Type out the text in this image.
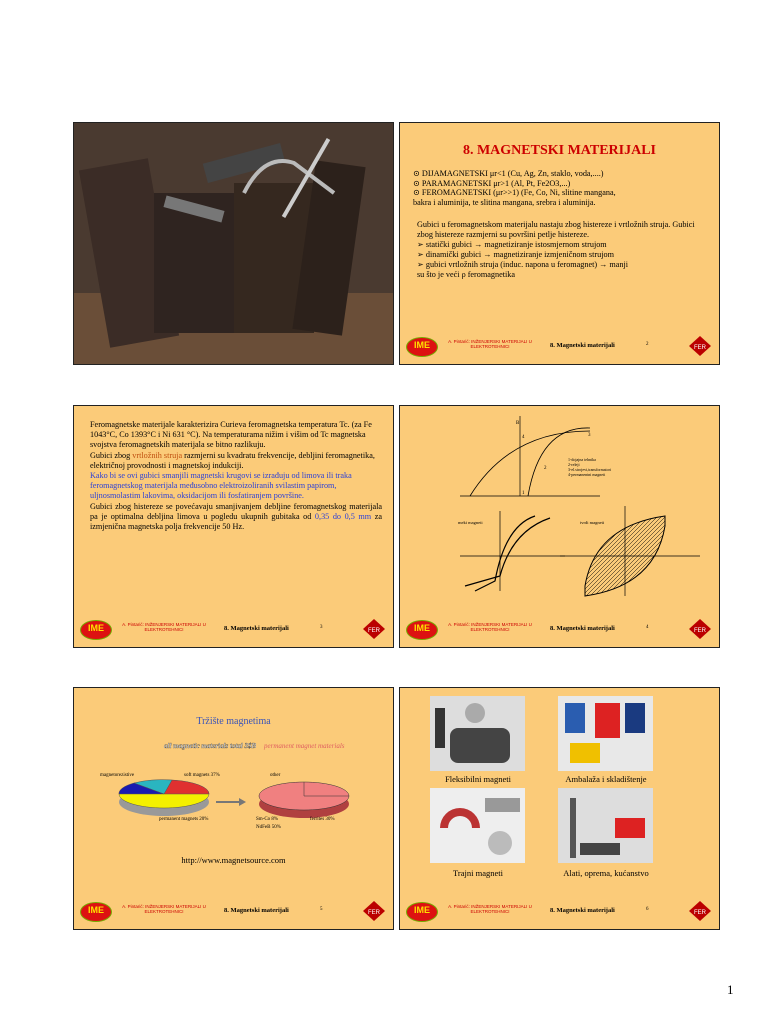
8. MAGNETSKI MATERIJALI
⊙ DIJAMAGNETSKI μr<1 (Cu, Ag, Zn, staklo, voda,....)
⊙ PARAMAGNETSKI μr>1 (Al, Pt, Fe2O3,...)
⊙ FEROMAGNETSKI (μr>>1) (Fe, Co, Ni, slitine mangana,
bakra i aluminija, te slitina mangana, srebra i aluminija.
Gubici u feromagnetskom materijalu nastaju zbog histereze i vrtložnih struja. Gubici zbog histereze razmjerni su površini petlje histereze.
➢ statički gubici → magnetiziranje istosmjernom strujom
➢ dinamički gubici → magnetiziranje izmjeničnom strujom
➢ gubici vrtložnih struja (induc. napona u feromagnet) → manji
su što je veći ρ feromagnetika
IME	A. Pintarić: INŽENJERSKI MATERIJALI U ELEKTROTEHNICI	8. Magnetski materijali	2
FER
Feromagnetske materijale karakterizira Curieva feromagnetska temperatura Tc. (za Fe 1043°C, Co 1393°C i Ni 631 °C). Na temperaturama nižim i višim od Tc magnetska svojstva feromagnetskih materijala se bitno razlikuju.
Gubici zbog vrtložnih struja razmjerni su kvadratu frekvencije, debljini feromagnetika, električnoj provodnosti i magnetskoj indukciji.
Kako bi se ovi gubici smanjili magnetski krugovi se izrađuju od limova ili traka feromagnetskog materijala međusobno elektroizoliranih svilastim papirom, uljnosmolastim lakovima, oksidacijom ili fosfatiranjem površine.
Gubici zbog histereze se povećavaju smanjivanjem debljine feromagnetskog materijala pa je optimalna debljina limova u pogledu ukupnih gubitaka od 0,35 do 0,5 mm za izmjenična magnetska polja frekvencije 50 Hz.
IME	A. Pintarić: INŽENJERSKI MATERIJALI U ELEKTROTEHNICI	8. Magnetski materijali	3
FER
B
4	3
2
1
1-dojaјna tehnika
2-releji
3-el.strojevi,transformatori
4-permanentni magneti
meki magneti	tvrdi magneti
IME	A. Pintarić: INŽENJERSKI MATERIJALI U ELEKTROTEHNICI	8. Magnetski materijali	4
FER
Tržište magnetima
all magnetic materials total 3$B permanent magnet materials
magnetorezistive	soft magnets 37%
permanent magnets 20%
other
Sm-Co 8%	ferrites 30%
NdFeB 50%
http://www.magnetsource.com
IME	A. Pintarić: INŽENJERSKI MATERIJALI U ELEKTROTEHNICI	8. Magnetski materijali	5
FER
Fleksibilni magneti	Ambalaža i skladištenje
Trajni magneti	Alati, oprema, kućanstvo
IME	A. Pintarić: INŽENJERSKI MATERIJALI U ELEKTROTEHNICI	8. Magnetski materijali	6
FER
1
